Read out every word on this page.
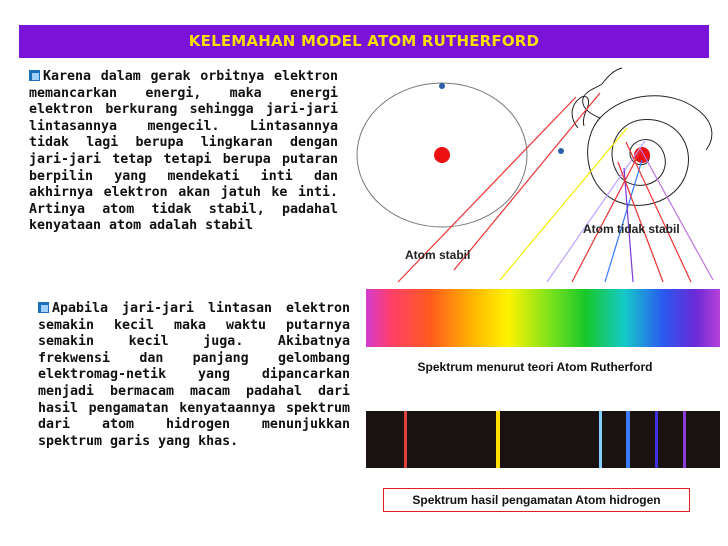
KELEMAHAN MODEL ATOM RUTHERFORD
Karena dalam gerak orbitnya elektron memancarkan energi, maka energi elektron berkurang sehingga jari-jari lintasannya mengecil. Lintasannya tidak lagi berupa lingkaran dengan jari-jari tetap tetapi berupa putaran berpilin yang mendekati inti dan akhirnya elektron akan jatuh ke inti. Artinya atom tidak stabil, padahal kenyataan atom adalah stabil
Apabila jari-jari lintasan elektron semakin kecil maka waktu putarnya semakin kecil juga. Akibatnya frekwensi dan panjang gelombang elektromag-netik yang dipancarkan menjadi bermacam macam padahal dari hasil pengamatan kenyataannya spektrum dari atom hidrogen menunjukkan spektrum garis yang khas.
Atom stabil
Atom tidak stabil
Spektrum menurut teori Atom Rutherford
Spektrum hasil pengamatan Atom hidrogen
